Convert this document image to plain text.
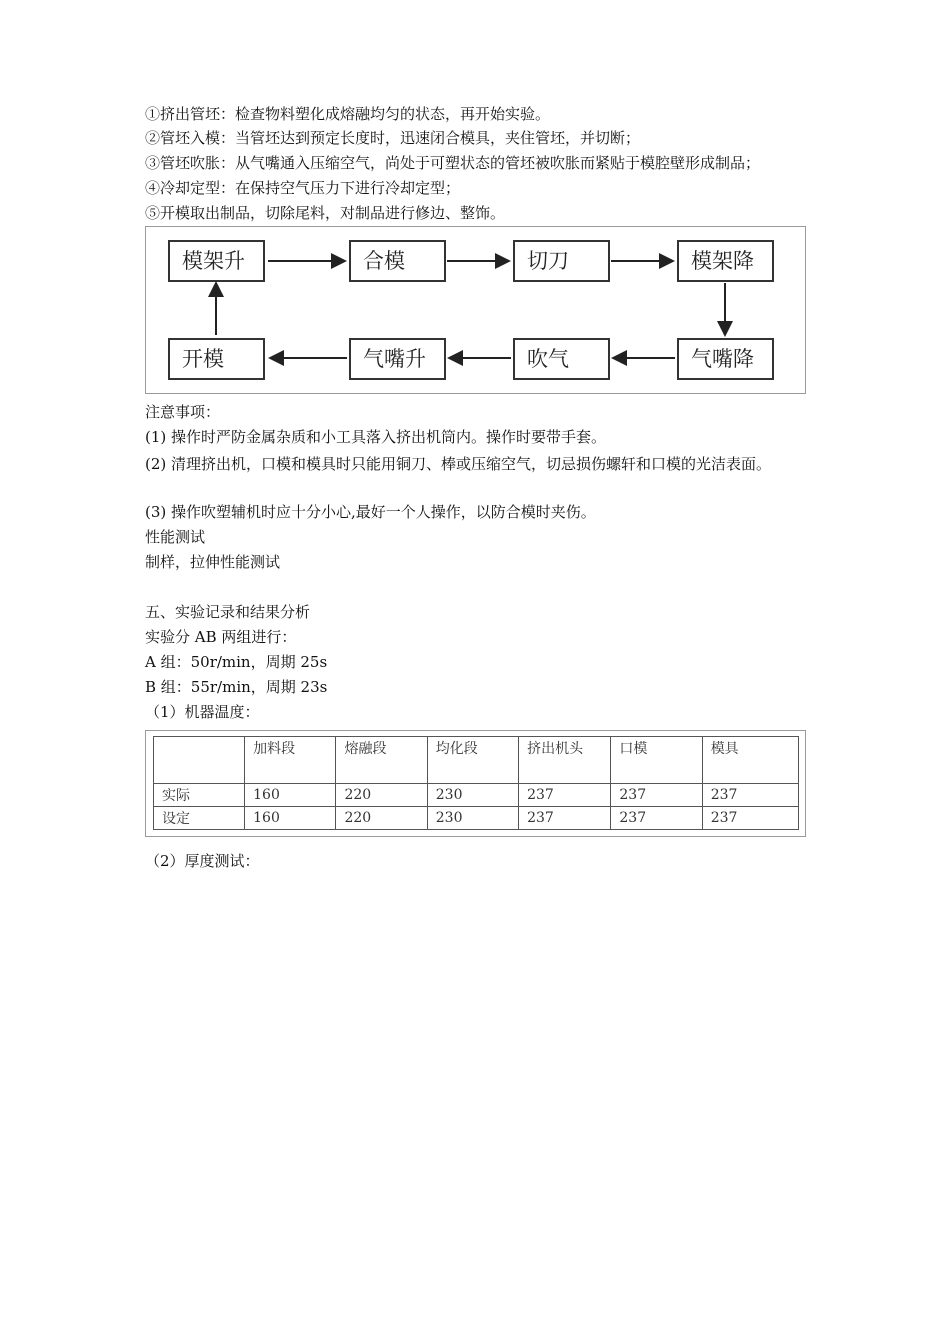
①挤出管坯：检查物料塑化成熔融均匀的状态，再开始实验。
②管坯入模：当管坯达到预定长度时，迅速闭合模具，夹住管坯，并切断；
③管坯吹胀：从气嘴通入压缩空气，尚处于可塑状态的管坯被吹胀而紧贴于模腔壁形成制品；
④冷却定型：在保持空气压力下进行冷却定型；
⑤开模取出制品，切除尾料，对制品进行修边、整饰。
模架升	合模	切刀	模架降
开模	气嘴升	吹气	气嘴降
注意事项：
(1) 操作时严防金属杂质和小工具落入挤出机筒内。操作时要带手套。
(2) 清理挤出机，口模和模具时只能用铜刀、棒或压缩空气，切忌损伤螺轩和口模的光洁表面。
(3) 操作吹塑辅机时应十分小心,最好一个人操作，以防合模时夹伤。
性能测试
制样，拉伸性能测试
五、实验记录和结果分析
实验分 AB 两组进行：
A 组：50r/min，周期 25s
B 组：55r/min，周期 23s
（1）机器温度：
	加料段	熔融段	均化段	挤出机头	口模	模具
实际	160	220	230	237	237	237
设定	160	220	230	237	237	237
（2）厚度测试：
